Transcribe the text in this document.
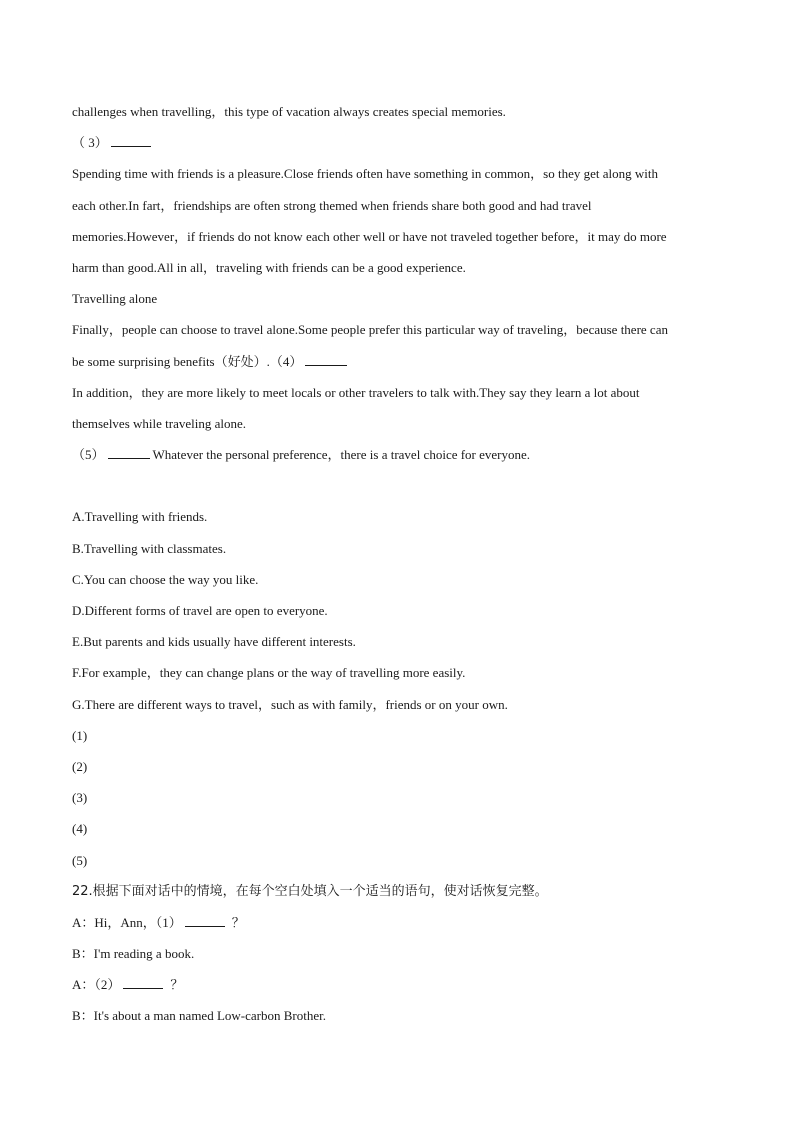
challenges when travelling，this type of vacation always creates special memories.
（ 3）
Spending time with friends is a pleasure.Close friends often have something in common，so they get along with
each other.In fart，friendships are often strong themed when friends share both good and had travel
memories.However，if friends do not know each other well or have not traveled together before，it may do more
harm than good.All in all，traveling with friends can be a good experience.
Travelling alone
Finally，people can choose to travel alone.Some people prefer this particular way of traveling，because there can
be some surprising benefits（好处）.（4）
In addition，they are more likely to meet locals or other travelers to talk with.They say they learn a lot about
themselves while traveling alone.
（5）	Whatever the personal preference，there is a travel choice for everyone.
A.Travelling with friends.
B.Travelling with classmates.
C.You can choose the way you like.
D.Different forms of travel are open to everyone.
E.But parents and kids usually have different interests.
F.For example，they can change plans or the way of travelling more easily.
G.There are different ways to travel，such as with family，friends or on your own.
(1)
(2)
(3)
(4)
(5)
22.根据下面对话中的情境，在每个空白处填入一个适当的语句，使对话恢复完整。
A：Hi，Ann，（1）	？
B：I'm reading a book.
A：（2）	？
B：It's about a man named Low-carbon Brother.
